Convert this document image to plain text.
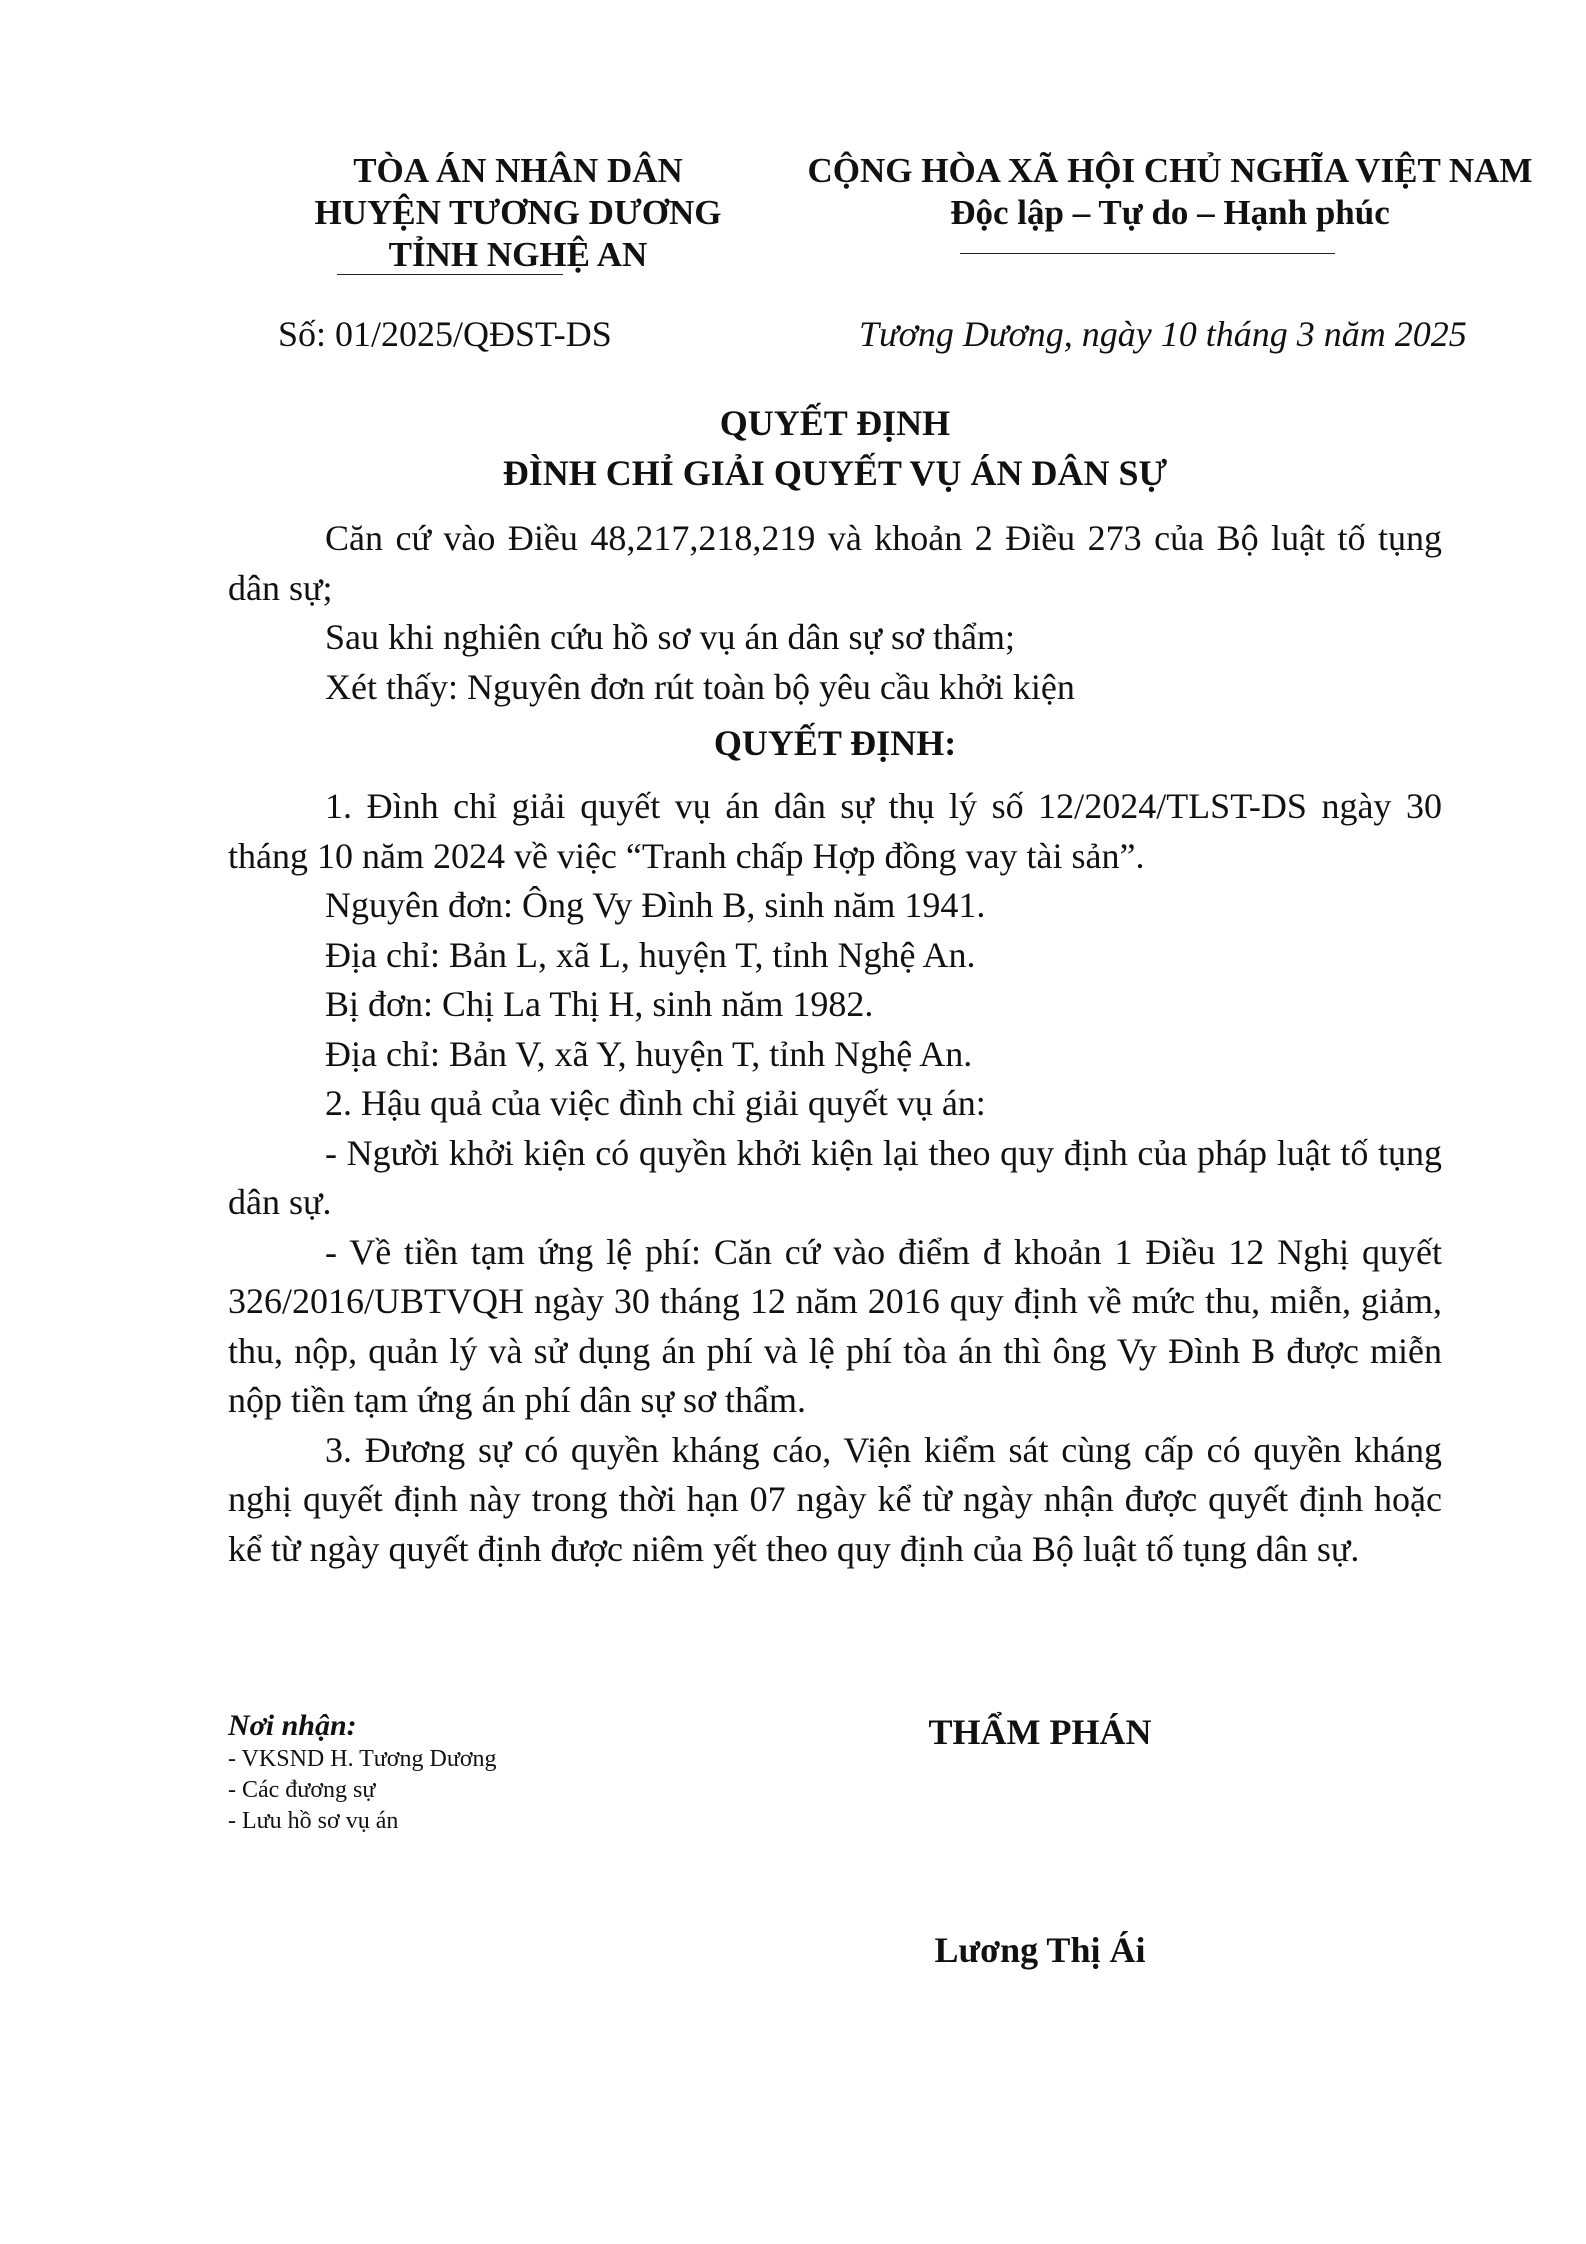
TÒA ÁN NHÂN DÂN
HUYỆN TƯƠNG DƯƠNG
TỈNH NGHỆ AN
CỘNG HÒA XÃ HỘI CHỦ NGHĨA VIỆT NAM
Độc lập – Tự do – Hạnh phúc
Số: 01/2025/QĐST-DS	Tương Dương, ngày 10 tháng 3 năm 2025
QUYẾT ĐỊNH
ĐÌNH CHỈ GIẢI QUYẾT VỤ ÁN DÂN SỰ

Căn cứ vào Điều 48,217,218,219 và khoản 2 Điều 273 của Bộ luật tố tụng dân sự;

Sau khi nghiên cứu hồ sơ vụ án dân sự sơ thẩm;

Xét thấy: Nguyên đơn rút toàn bộ yêu cầu khởi kiện

QUYẾT ĐỊNH:

1. Đình chỉ giải quyết vụ án dân sự thụ lý số 12/2024/TLST-DS ngày 30 tháng 10 năm 2024 về việc “Tranh chấp Hợp đồng vay tài sản”.

Nguyên đơn: Ông Vy Đình B, sinh năm 1941.

Địa chỉ: Bản L, xã L, huyện T, tỉnh Nghệ An.

Bị đơn: Chị La Thị H, sinh năm 1982.

Địa chỉ: Bản V, xã Y, huyện T, tỉnh Nghệ An.

2. Hậu quả của việc đình chỉ giải quyết vụ án:

- Người khởi kiện có quyền khởi kiện lại theo quy định của pháp luật tố tụng dân sự.

- Về tiền tạm ứng lệ phí: Căn cứ vào điểm đ khoản 1 Điều 12 Nghị quyết 326/2016/UBTVQH ngày 30 tháng 12 năm 2016 quy định về mức thu, miễn, giảm, thu, nộp, quản lý và sử dụng án phí và lệ phí tòa án thì ông Vy Đình B được miễn nộp tiền tạm ứng án phí dân sự sơ thẩm.

3. Đương sự có quyền kháng cáo, Viện kiểm sát cùng cấp có quyền kháng nghị quyết định này trong thời hạn 07 ngày kể từ ngày nhận được quyết định hoặc kể từ ngày quyết định được niêm yết theo quy định của Bộ luật tố tụng dân sự.

Nơi nhận:
- VKSND H. Tương Dương
- Các đương sự
- Lưu hồ sơ vụ án
THẨM PHÁN
Lương Thị Ái
